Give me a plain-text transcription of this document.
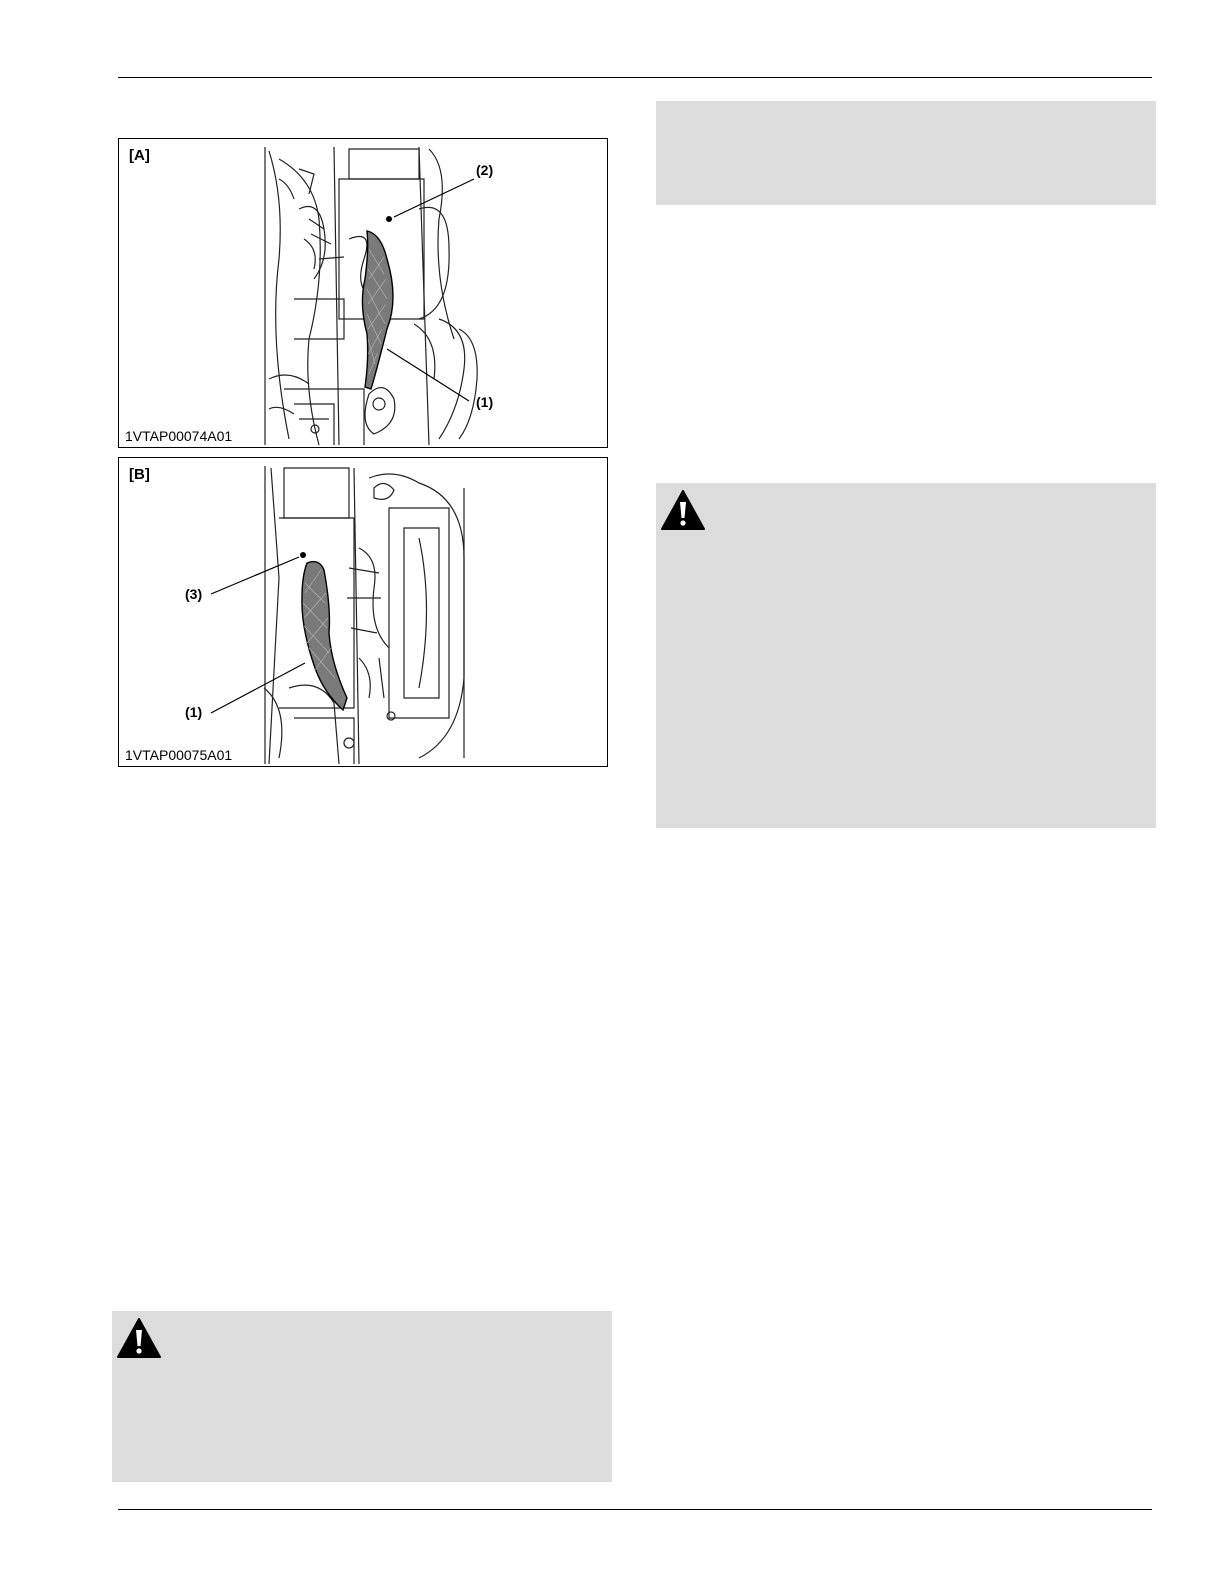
[A]
(2)
(1)
1VTAP00074A01
[B]
(3)
(1)
1VTAP00075A01
